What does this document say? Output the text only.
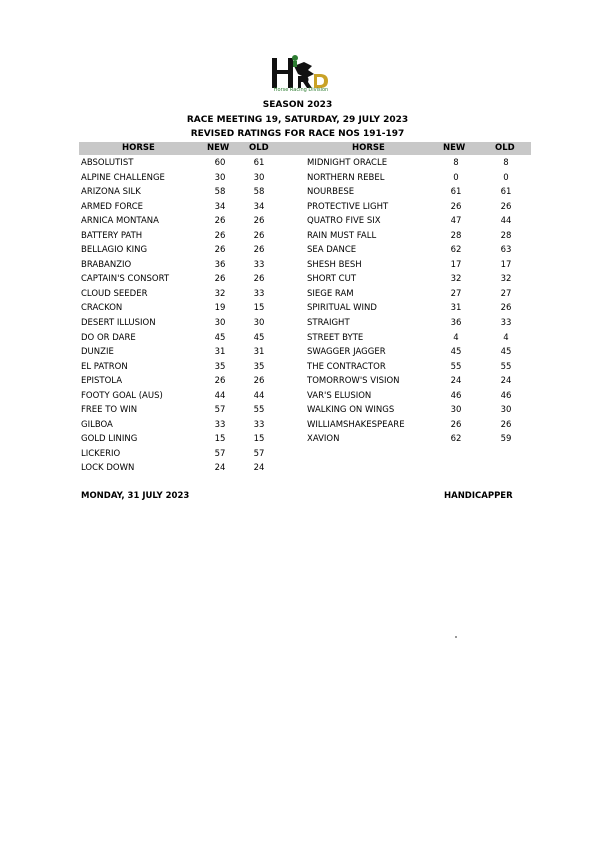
Horse Racing Division
SEASON 2023
RACE MEETING 19, SATURDAY, 29 JULY 2023
REVISED RATINGS FOR RACE NOS 191-197
HORSE	NEW OLD	HORSE	NEW	OLD
ABSOLUTIST	60	61
ALPINE CHALLENGE	30	30
ARIZONA SILK	58	58
ARMED FORCE	34	34
ARNICA MONTANA	26	26
BATTERY PATH	26	26
BELLAGIO KING	26	26
BRABANZIO	36	33
CAPTAIN'S CONSORT	26	26
CLOUD SEEDER	32	33
CRACKON	19	15
DESERT ILLUSION	30	30
DO OR DARE	45	45
DUNZIE	31	31
EL PATRON	35	35
EPISTOLA	26	26
FOOTY GOAL (AUS)	44	44
FREE TO WIN	57	55
GILBOA	33	33
GOLD LINING	15	15
LICKERIO	57	57
LOCK DOWN	24	24
MIDNIGHT ORACLE	8	8
NORTHERN REBEL	0	0
NOURBESE	61	61
PROTECTIVE LIGHT	26	26
QUATRO FIVE SIX	47	44
RAIN MUST FALL	28	28
SEA DANCE	62	63
SHESH BESH	17	17
SHORT CUT	32	32
SIEGE RAM	27	27
SPIRITUAL WIND	31	26
STRAIGHT	36	33
STREET BYTE	4	4
SWAGGER JAGGER	45	45
THE CONTRACTOR	55	55
TOMORROW'S VISION	24	24
VAR'S ELUSION	46	46
WALKING ON WINGS	30	30
WILLIAMSHAKESPEARE	26	26
XAVION	62	59
MONDAY, 31 JULY 2023	HANDICAPPER
